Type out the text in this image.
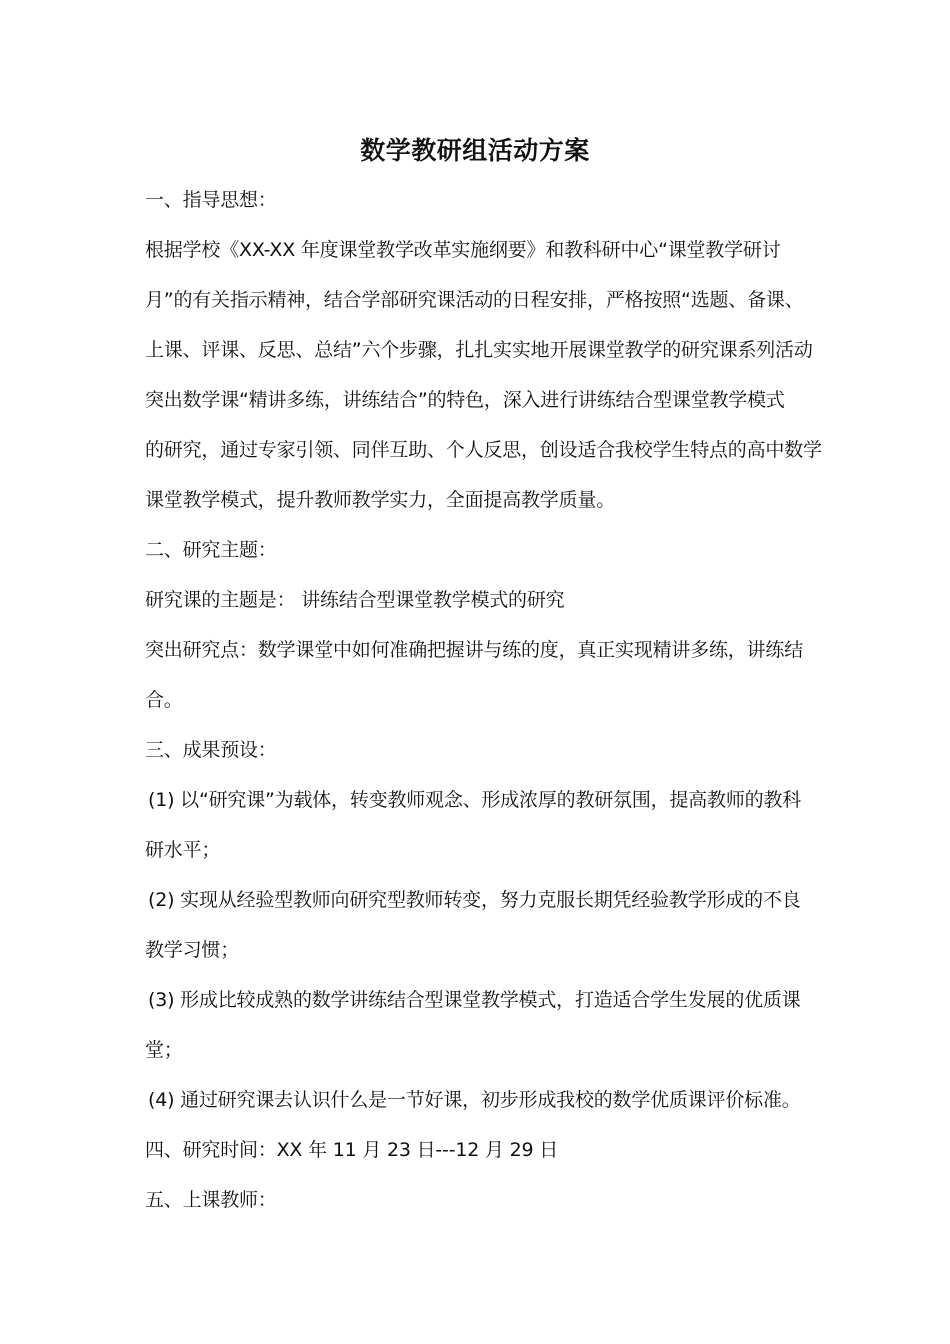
数学教研组活动方案
一、指导思想：
根据学校《XX-XX 年度课堂教学改革实施纲要》和教科研中心“课堂教学研讨
月”的有关指示精神，结合学部研究课活动的日程安排，严格按照“选题、备课、
上课、评课、反思、总结”六个步骤，扎扎实实地开展课堂教学的研究课系列活动
突出数学课“精讲多练，讲练结合”的特色，深入进行讲练结合型课堂教学模式
的研究，通过专家引领、同伴互助、个人反思，创设适合我校学生特点的高中数学
课堂教学模式，提升教师教学实力，全面提高教学质量。
二、研究主题：
研究课的主题是： 讲练结合型课堂教学模式的研究
突出研究点：数学课堂中如何准确把握讲与练的度，真正实现精讲多练，讲练结
合。
三、成果预设：
(1) 以“研究课”为载体，转变教师观念、形成浓厚的教研氛围，提高教师的教科
研水平；
(2) 实现从经验型教师向研究型教师转变，努力克服长期凭经验教学形成的不良
教学习惯；
(3) 形成比较成熟的数学讲练结合型课堂教学模式，打造适合学生发展的优质课
堂；
(4) 通过研究课去认识什么是一节好课，初步形成我校的数学优质课评价标准。
四、研究时间：XX 年 11 月 23 日---12 月 29 日
五、上课教师：
